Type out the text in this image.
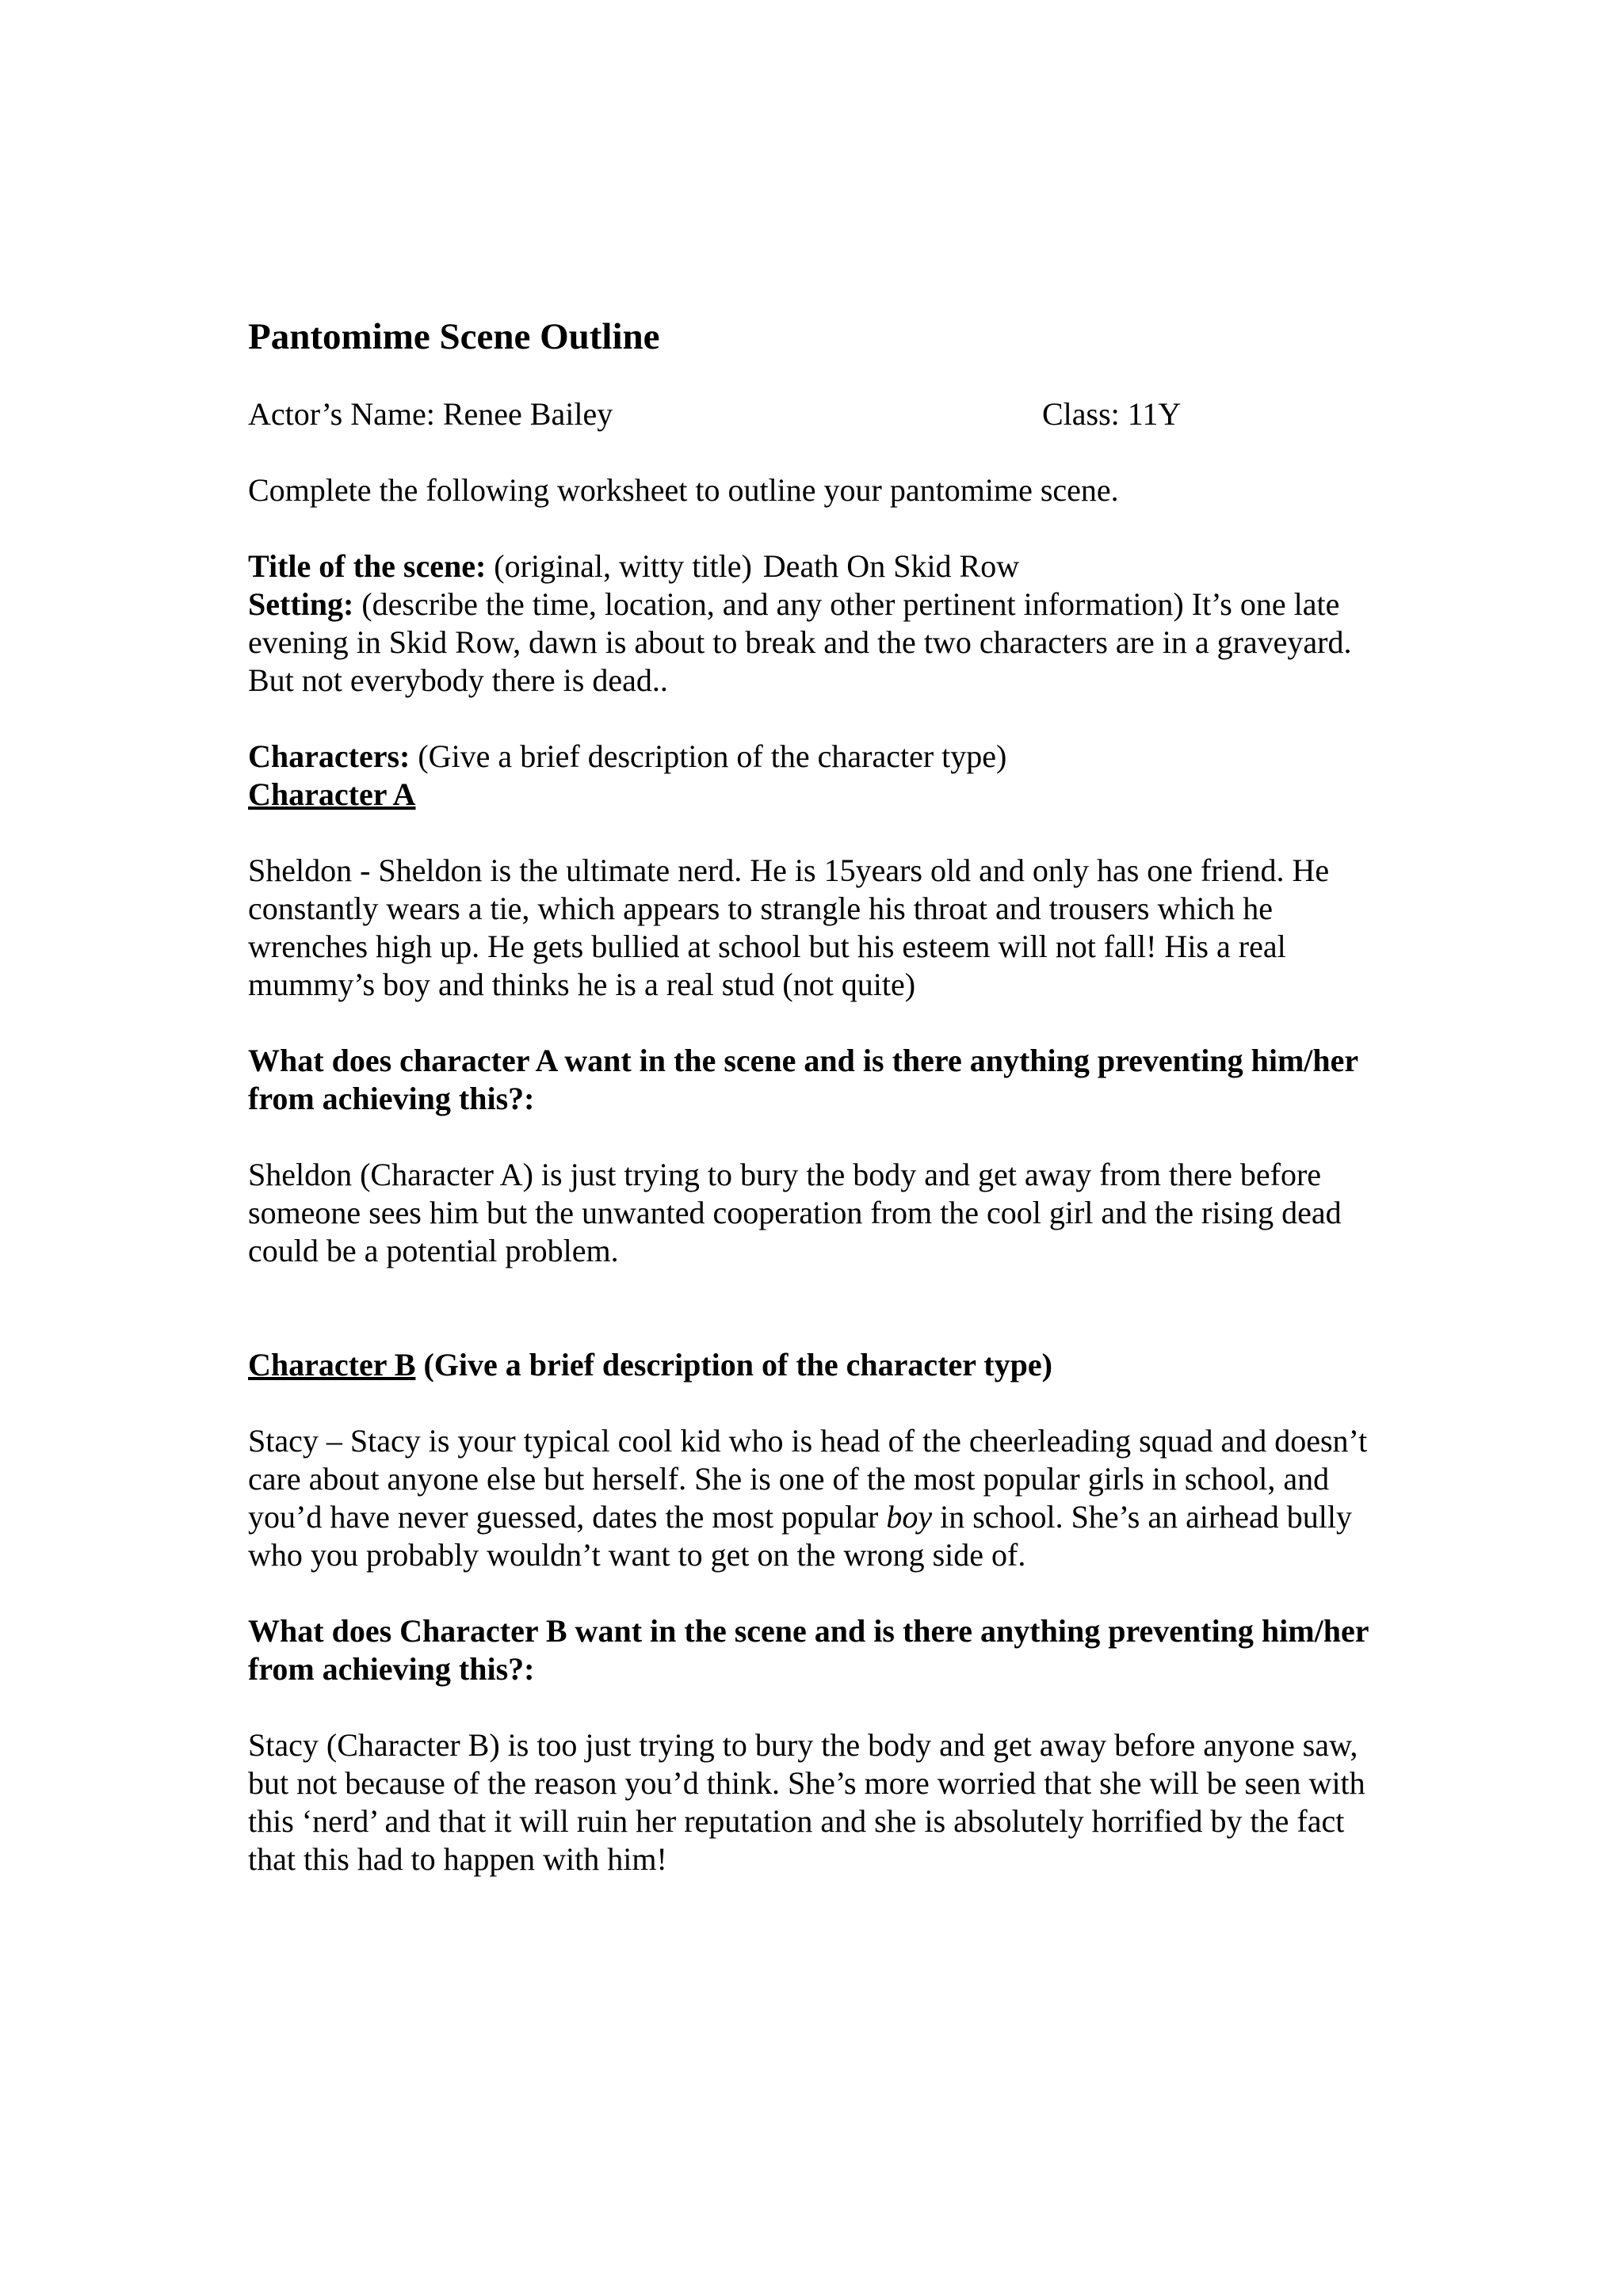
Pantomime Scene Outline
Actor’s Name: Renee Bailey	Class: 11Y

Complete the following worksheet to outline your pantomime scene.

Title of the scene: (original, witty title) Death On Skid Row

Setting: (describe the time, location, and any other pertinent information) It’s one late evening in Skid Row, dawn is about to break and the two characters are in a graveyard. But not everybody there is dead..

Characters: (Give a brief description of the character type)

Character A

Sheldon - Sheldon is the ultimate nerd. He is 15years old and only has one friend. He constantly wears a tie, which appears to strangle his throat and trousers which he wrenches high up. He gets bullied at school but his esteem will not fall! His a real mummy’s boy and thinks he is a real stud (not quite)

What does character A want in the scene and is there anything preventing him/her from achieving this?:

Sheldon (Character A) is just trying to bury the body and get away from there before someone sees him but the unwanted cooperation from the cool girl and the rising dead could be a potential problem.

Character B (Give a brief description of the character type)

Stacy – Stacy is your typical cool kid who is head of the cheerleading squad and doesn’t care about anyone else but herself. She is one of the most popular girls in school, and you’d have never guessed, dates the most popular boy in school. She’s an airhead bully who you probably wouldn’t want to get on the wrong side of.

What does Character B want in the scene and is there anything preventing him/her from achieving this?:

Stacy (Character B) is too just trying to bury the body and get away before anyone saw, but not because of the reason you’d think. She’s more worried that she will be seen with this ‘nerd’ and that it will ruin her reputation and she is absolutely horrified by the fact that this had to happen with him!
